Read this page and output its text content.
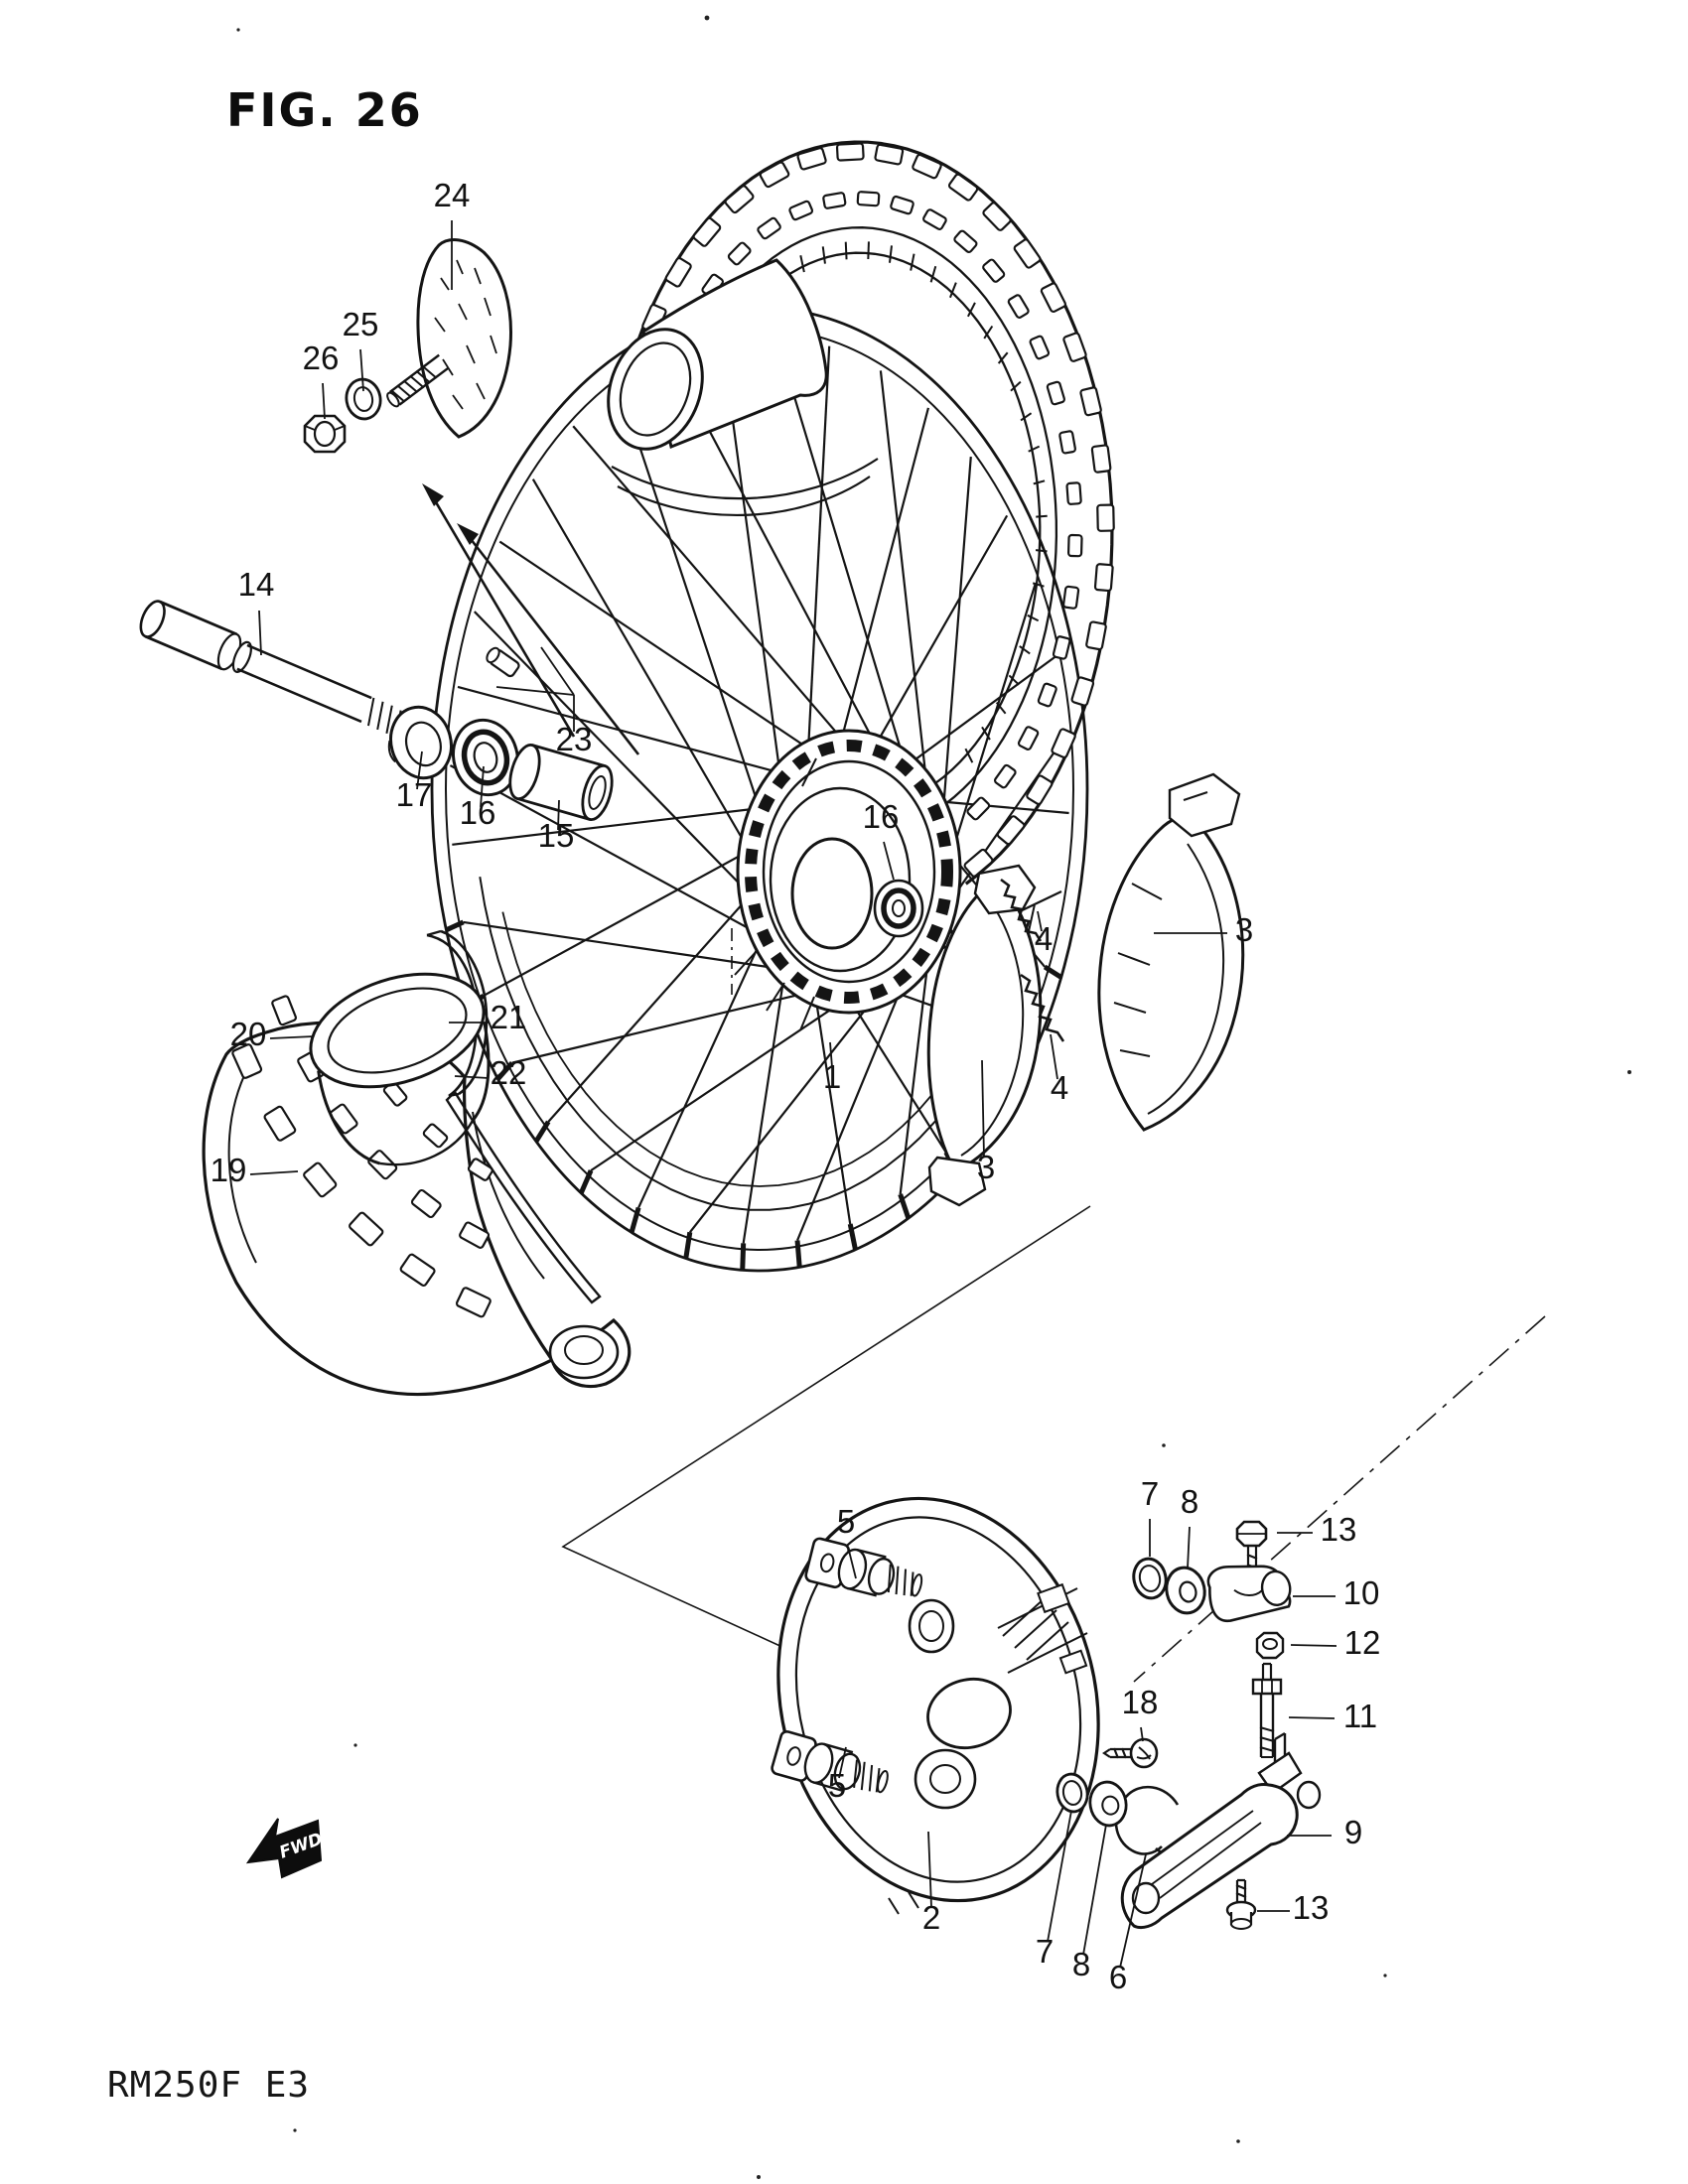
FIG. 26
FWD
24
25
26
14
17 16
15
23
20	21
22
19
16
1
3
3
4
4
5
5
7 8
13
10
12
11
18
2
7 8 6
9
13
RM250F E3
